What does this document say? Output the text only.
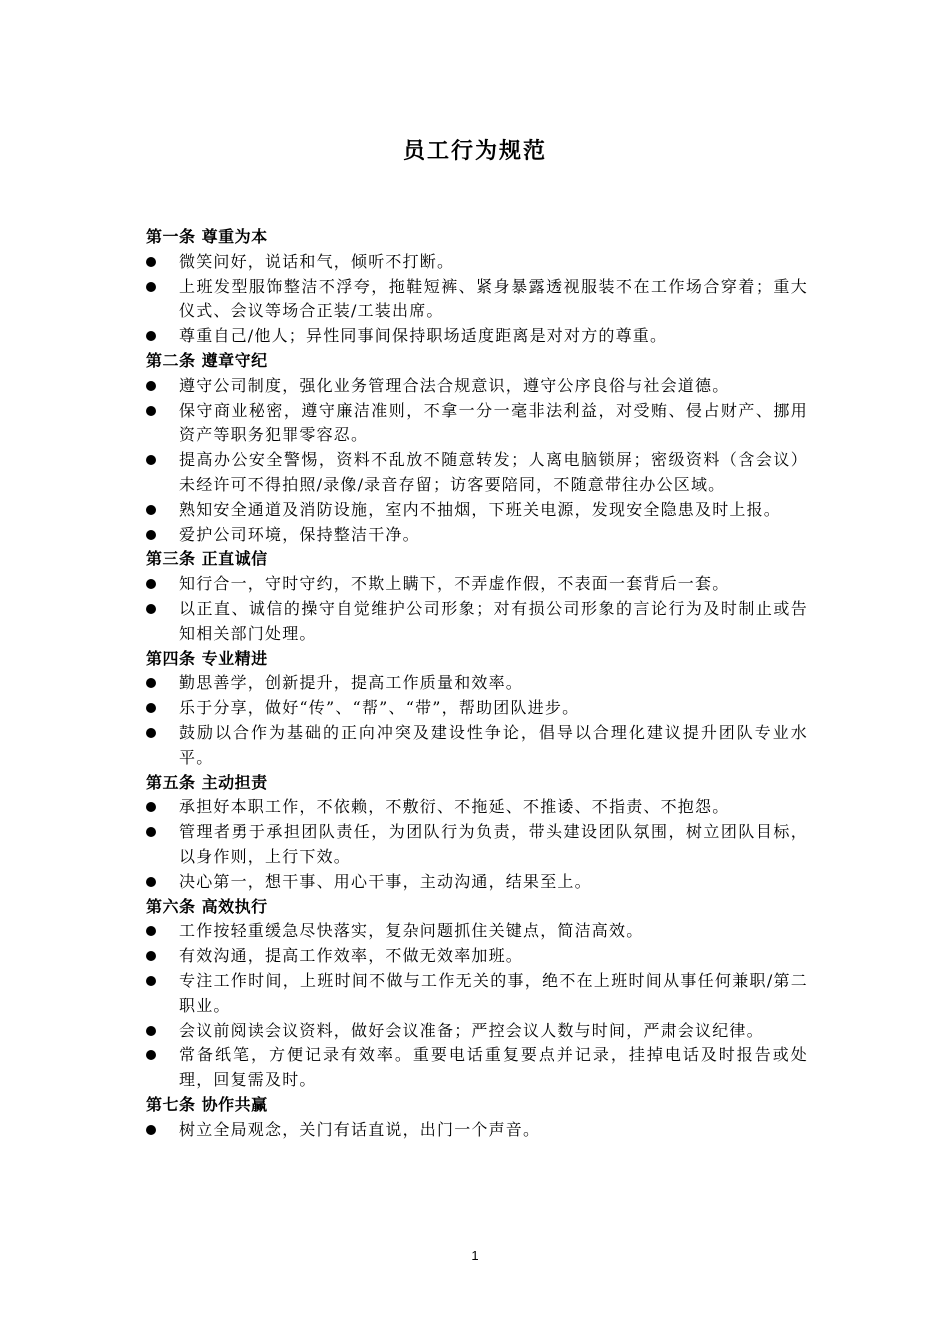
员工行为规范
第一条 尊重为本
微笑问好，说话和气，倾听不打断。
上班发型服饰整洁不浮夸，拖鞋短裤、紧身暴露透视服装不在工作场合穿着；重大仪式、会议等场合正装/工装出席。
尊重自己/他人；异性同事间保持职场适度距离是对对方的尊重。
第二条 遵章守纪
遵守公司制度，强化业务管理合法合规意识，遵守公序良俗与社会道德。
保守商业秘密，遵守廉洁准则，不拿一分一毫非法利益，对受贿、侵占财产、挪用资产等职务犯罪零容忍。
提高办公安全警惕，资料不乱放不随意转发；人离电脑锁屏；密级资料（含会议）未经许可不得拍照/录像/录音存留；访客要陪同，不随意带往办公区域。
熟知安全通道及消防设施，室内不抽烟，下班关电源，发现安全隐患及时上报。
爱护公司环境，保持整洁干净。
第三条 正直诚信
知行合一，守时守约，不欺上瞒下，不弄虚作假，不表面一套背后一套。
以正直、诚信的操守自觉维护公司形象；对有损公司形象的言论行为及时制止或告知相关部门处理。
第四条 专业精进
勤思善学，创新提升，提高工作质量和效率。
乐于分享，做好“传”、“帮”、“带”，帮助团队进步。
鼓励以合作为基础的正向冲突及建设性争论，倡导以合理化建议提升团队专业水平。
第五条 主动担责
承担好本职工作，不依赖，不敷衍、不拖延、不推诿、不指责、不抱怨。
管理者勇于承担团队责任，为团队行为负责，带头建设团队氛围，树立团队目标，以身作则，上行下效。
决心第一，想干事、用心干事，主动沟通，结果至上。
第六条 高效执行
工作按轻重缓急尽快落实，复杂问题抓住关键点，简洁高效。
有效沟通，提高工作效率，不做无效率加班。
专注工作时间，上班时间不做与工作无关的事，绝不在上班时间从事任何兼职/第二职业。
会议前阅读会议资料，做好会议准备；严控会议人数与时间，严肃会议纪律。
常备纸笔，方便记录有效率。重要电话重复要点并记录，挂掉电话及时报告或处理，回复需及时。
第七条 协作共赢
树立全局观念，关门有话直说，出门一个声音。
1
